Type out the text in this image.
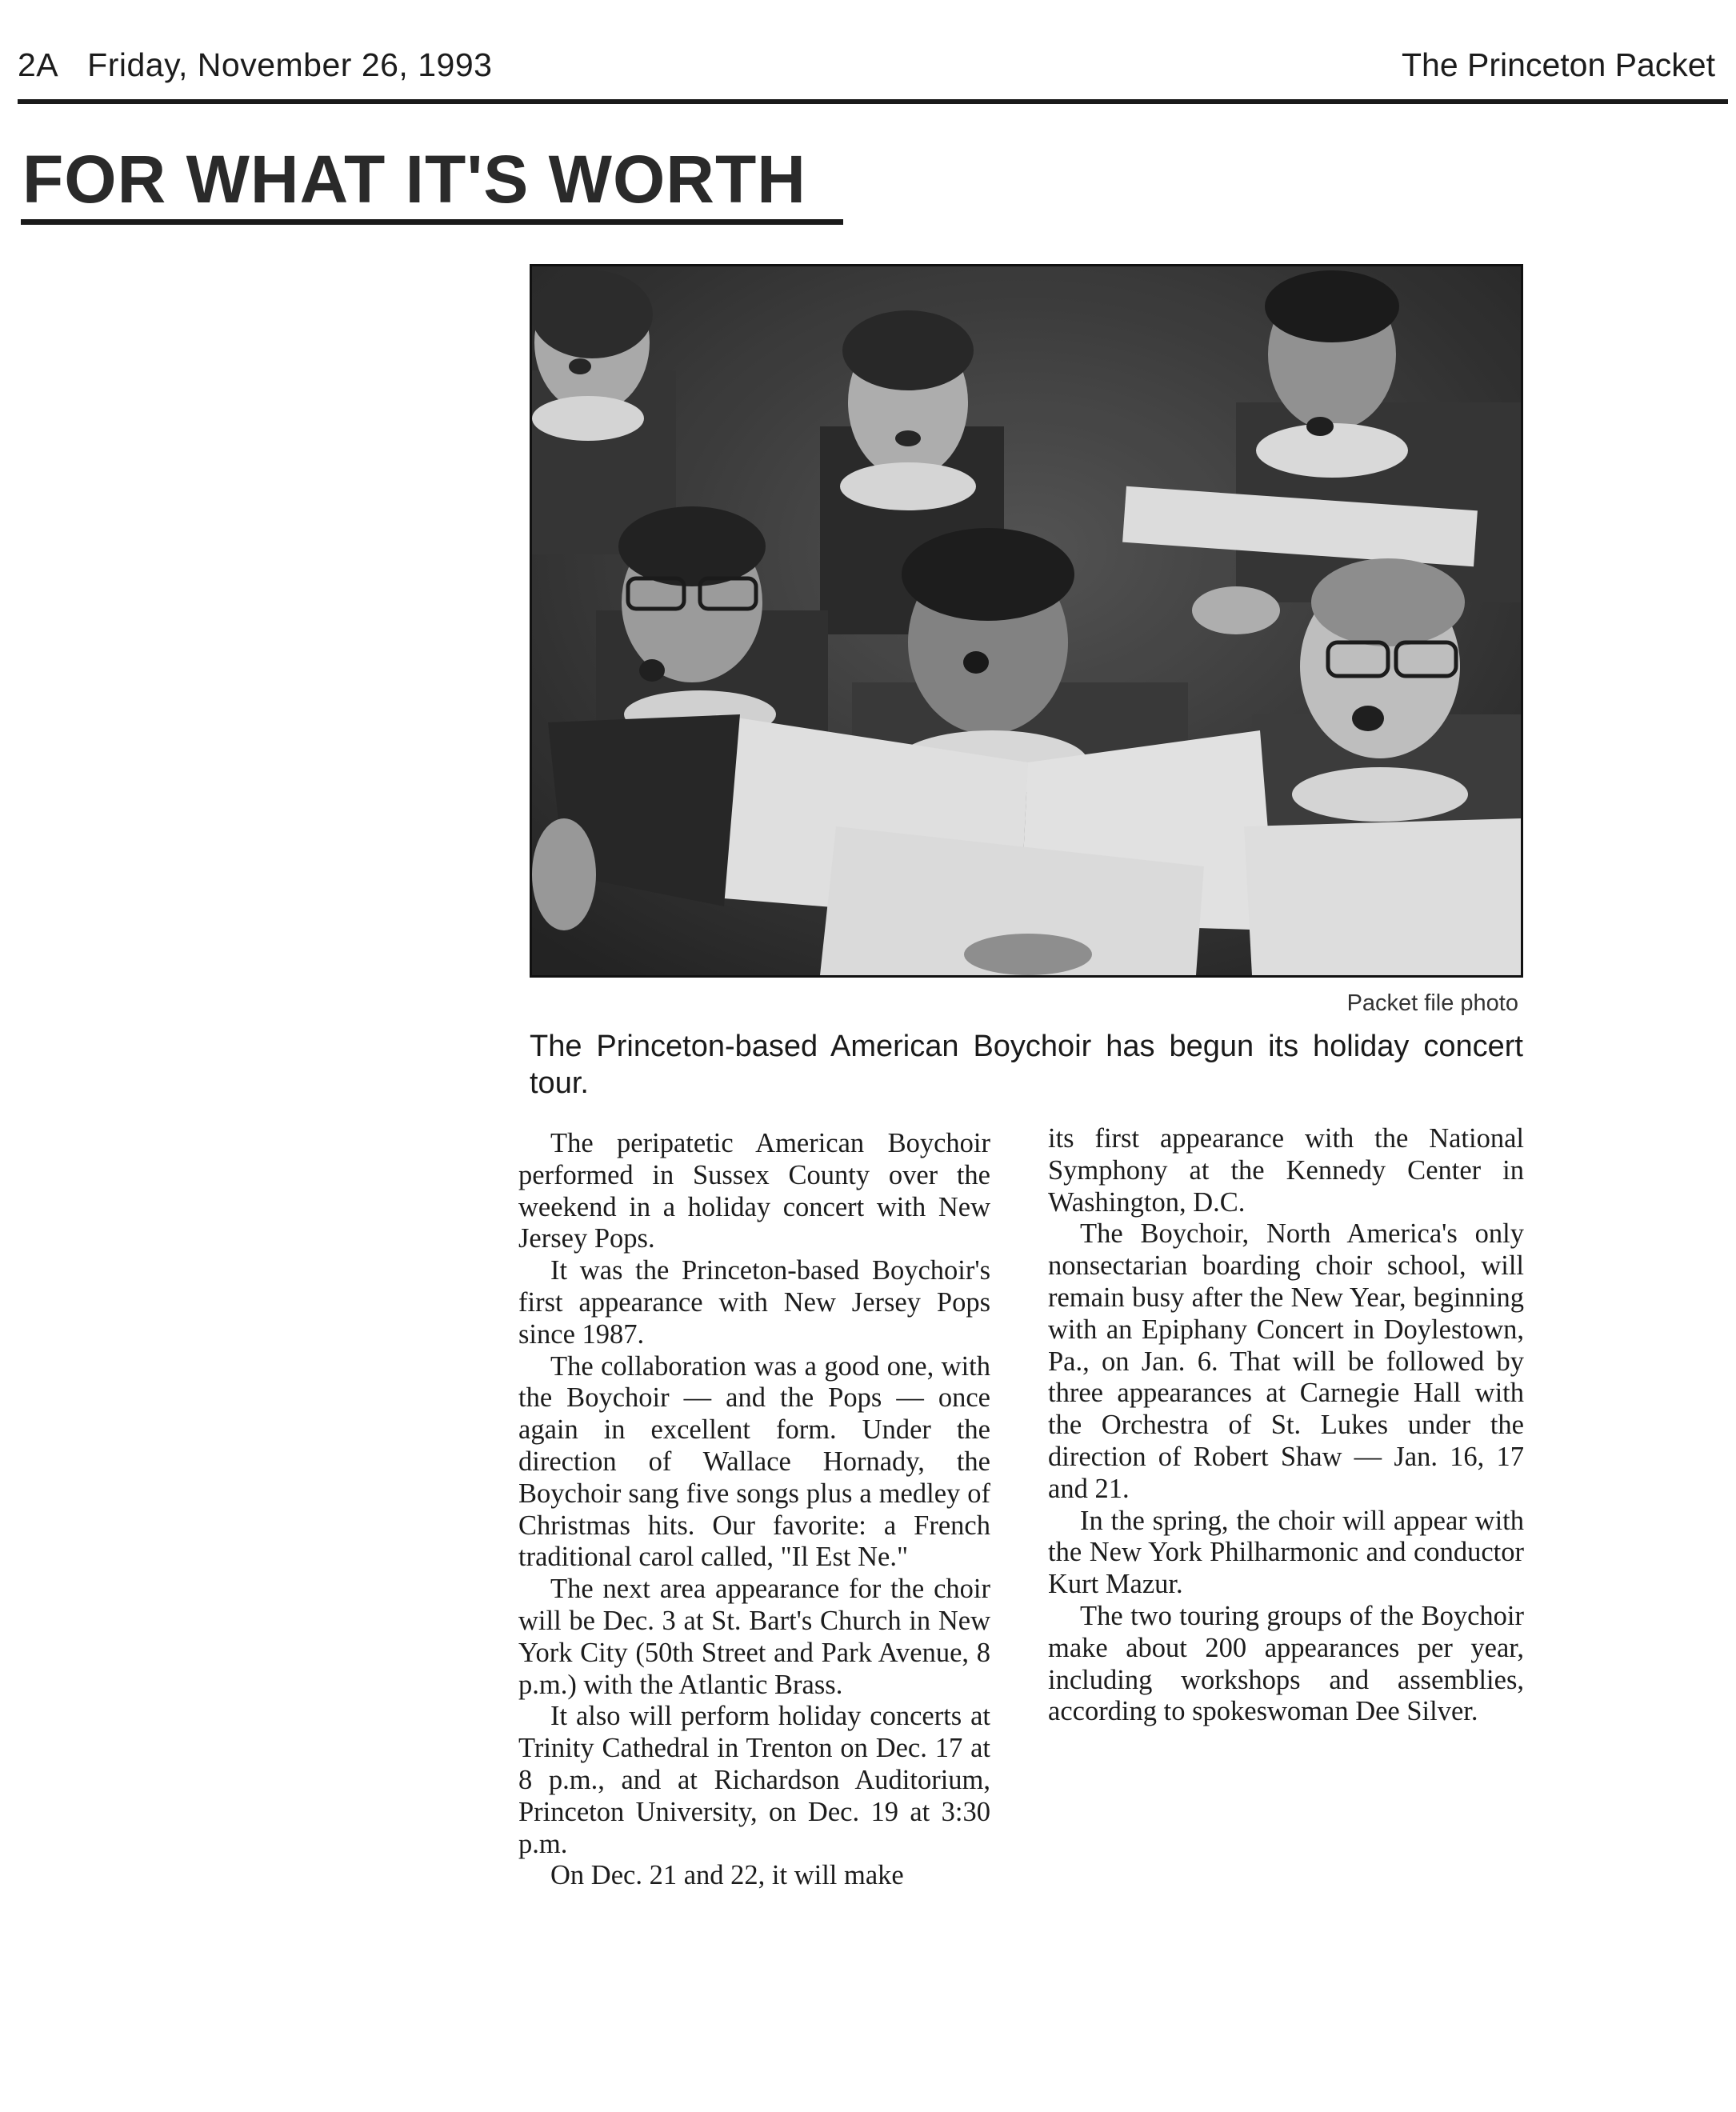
2A Friday, November 26, 1993	The Princeton Packet
FOR WHAT IT'S WORTH
Packet file photo
The Princeton-based American Boychoir has begun its holiday concert tour.

The peripatetic American Boychoir performed in Sussex County over the weekend in a holiday concert with New Jersey Pops.

It was the Princeton-based Boychoir's first appearance with New Jersey Pops since 1987.

The collaboration was a good one, with the Boychoir — and the Pops — once again in excellent form. Under the direction of Wallace Hornady, the Boychoir sang five songs plus a medley of Christmas hits. Our favorite: a French traditional carol called, "Il Est Ne."

The next area appearance for the choir will be Dec. 3 at St. Bart's Church in New York City (50th Street and Park Avenue, 8 p.m.) with the Atlantic Brass.

It also will perform holiday concerts at Trinity Cathedral in Trenton on Dec. 17 at 8 p.m., and at Richardson Auditorium, Princeton University, on Dec. 19 at 3:30 p.m.

On Dec. 21 and 22, it will make

its first appearance with the National Symphony at the Kennedy Center in Washington, D.C.

The Boychoir, North America's only nonsectarian boarding choir school, will remain busy after the New Year, beginning with an Epiphany Concert in Doylestown, Pa., on Jan. 6. That will be followed by three appearances at Carnegie Hall with the Orchestra of St. Lukes under the direction of Robert Shaw — Jan. 16, 17 and 21.

In the spring, the choir will appear with the New York Philharmonic and conductor Kurt Mazur.

The two touring groups of the Boychoir make about 200 appearances per year, including workshops and assemblies, according to spokeswoman Dee Silver.
